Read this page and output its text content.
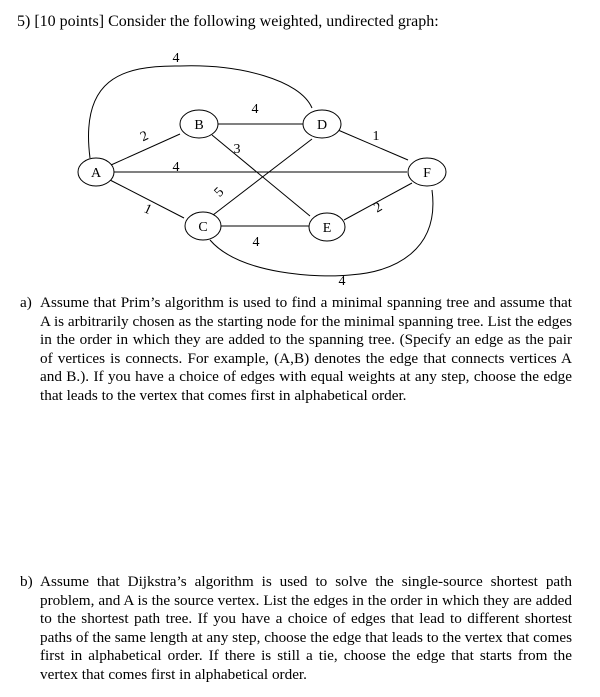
5) [10 points] Consider the following weighted, undirected graph:
4
2
1
4
4
3
5
4
1
2
4
A
B
C
D
E
F
a) Assume that Prim’s algorithm is used to find a minimal spanning tree and assume that A is arbitrarily chosen as the starting node for the minimal spanning tree. List the edges in the order in which they are added to the spanning tree. (Specify an edge as the pair of vertices is connects. For example, (A,B) denotes the edge that connects vertices A and B.). If you have a choice of edges with equal weights at any step, choose the edge that leads to the vertex that comes first in alphabetical order.
b) Assume that Dijkstra’s algorithm is used to solve the single-source shortest path problem, and A is the source vertex. List the edges in the order in which they are added to the shortest path tree. If you have a choice of edges that lead to different shortest paths of the same length at any step, choose the edge that leads to the vertex that comes first in alphabetical order. If there is still a tie, choose the edge that starts from the vertex that comes first in alphabetical order.
